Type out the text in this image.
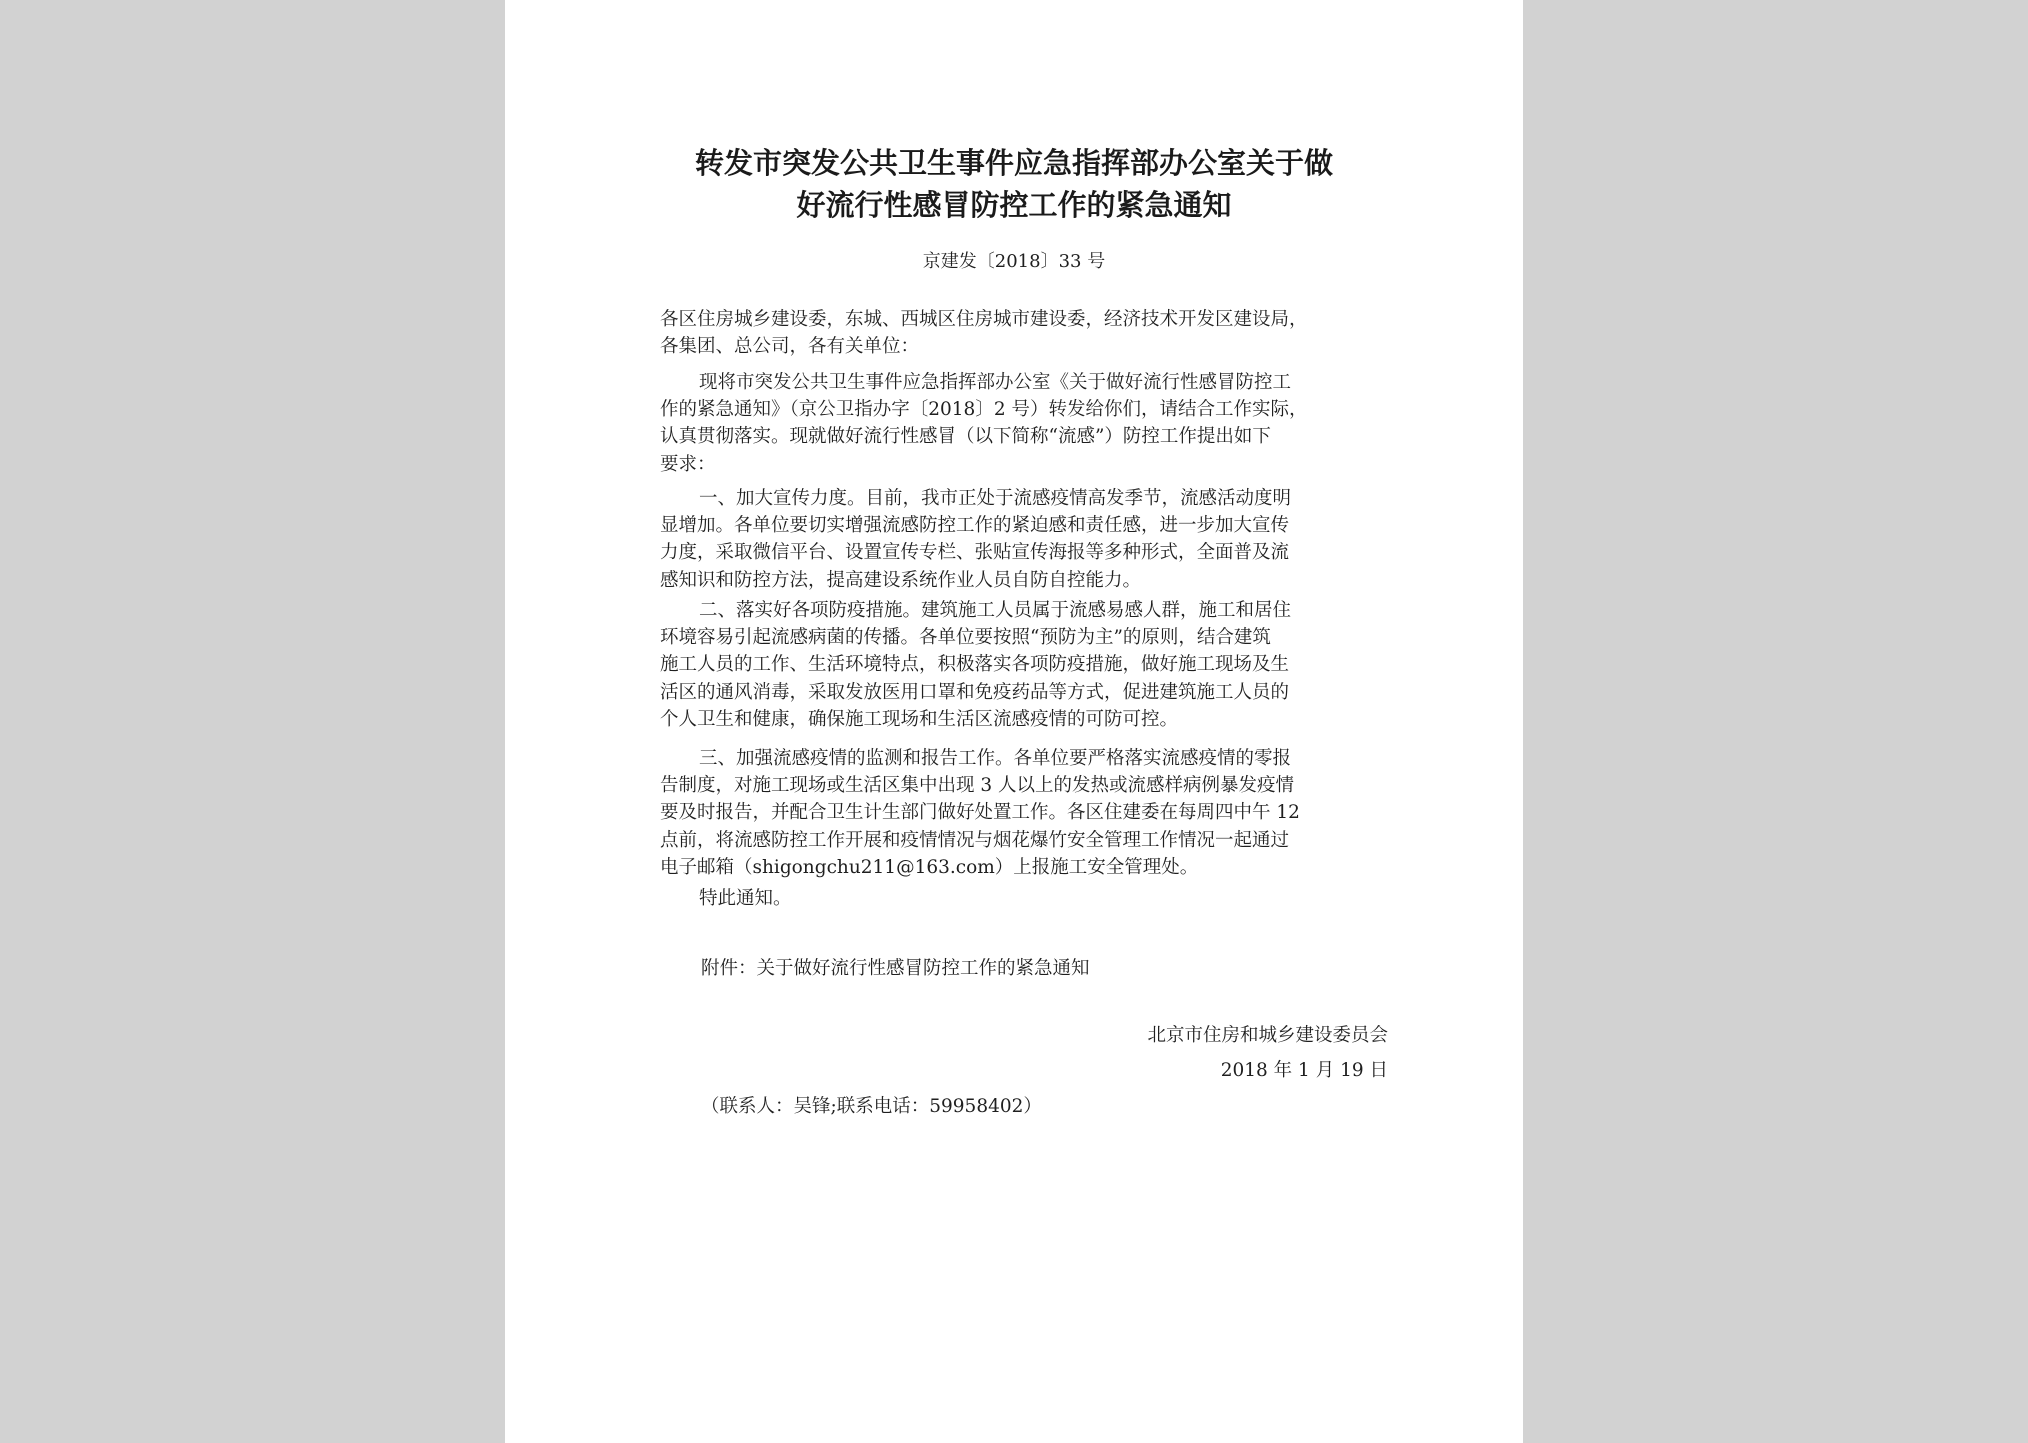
转发市突发公共卫生事件应急指挥部办公室关于做
好流行性感冒防控工作的紧急通知
京建发〔2018〕33 号
各区住房城乡建设委，东城、西城区住房城市建设委，经济技术开发区建设局，
各集团、总公司，各有关单位：
现将市突发公共卫生事件应急指挥部办公室《关于做好流行性感冒防控工
作的紧急通知》（京公卫指办字〔2018〕2 号）转发给你们，请结合工作实际，
认真贯彻落实。现就做好流行性感冒（以下简称“流感”）防控工作提出如下
要求：
一、加大宣传力度。目前，我市正处于流感疫情高发季节，流感活动度明
显增加。各单位要切实增强流感防控工作的紧迫感和责任感，进一步加大宣传
力度，采取微信平台、设置宣传专栏、张贴宣传海报等多种形式，全面普及流
感知识和防控方法，提高建设系统作业人员自防自控能力。
二、落实好各项防疫措施。建筑施工人员属于流感易感人群，施工和居住
环境容易引起流感病菌的传播。各单位要按照“预防为主”的原则，结合建筑
施工人员的工作、生活环境特点，积极落实各项防疫措施，做好施工现场及生
活区的通风消毒，采取发放医用口罩和免疫药品等方式，促进建筑施工人员的
个人卫生和健康，确保施工现场和生活区流感疫情的可防可控。
三、加强流感疫情的监测和报告工作。各单位要严格落实流感疫情的零报
告制度，对施工现场或生活区集中出现 3 人以上的发热或流感样病例暴发疫情
要及时报告，并配合卫生计生部门做好处置工作。各区住建委在每周四中午 12
点前，将流感防控工作开展和疫情情况与烟花爆竹安全管理工作情况一起通过
电子邮箱（shigongchu211@163.com）上报施工安全管理处。
特此通知。
附件：关于做好流行性感冒防控工作的紧急通知
北京市住房和城乡建设委员会
2018 年 1 月 19 日
（联系人：吴锋;联系电话：59958402）
